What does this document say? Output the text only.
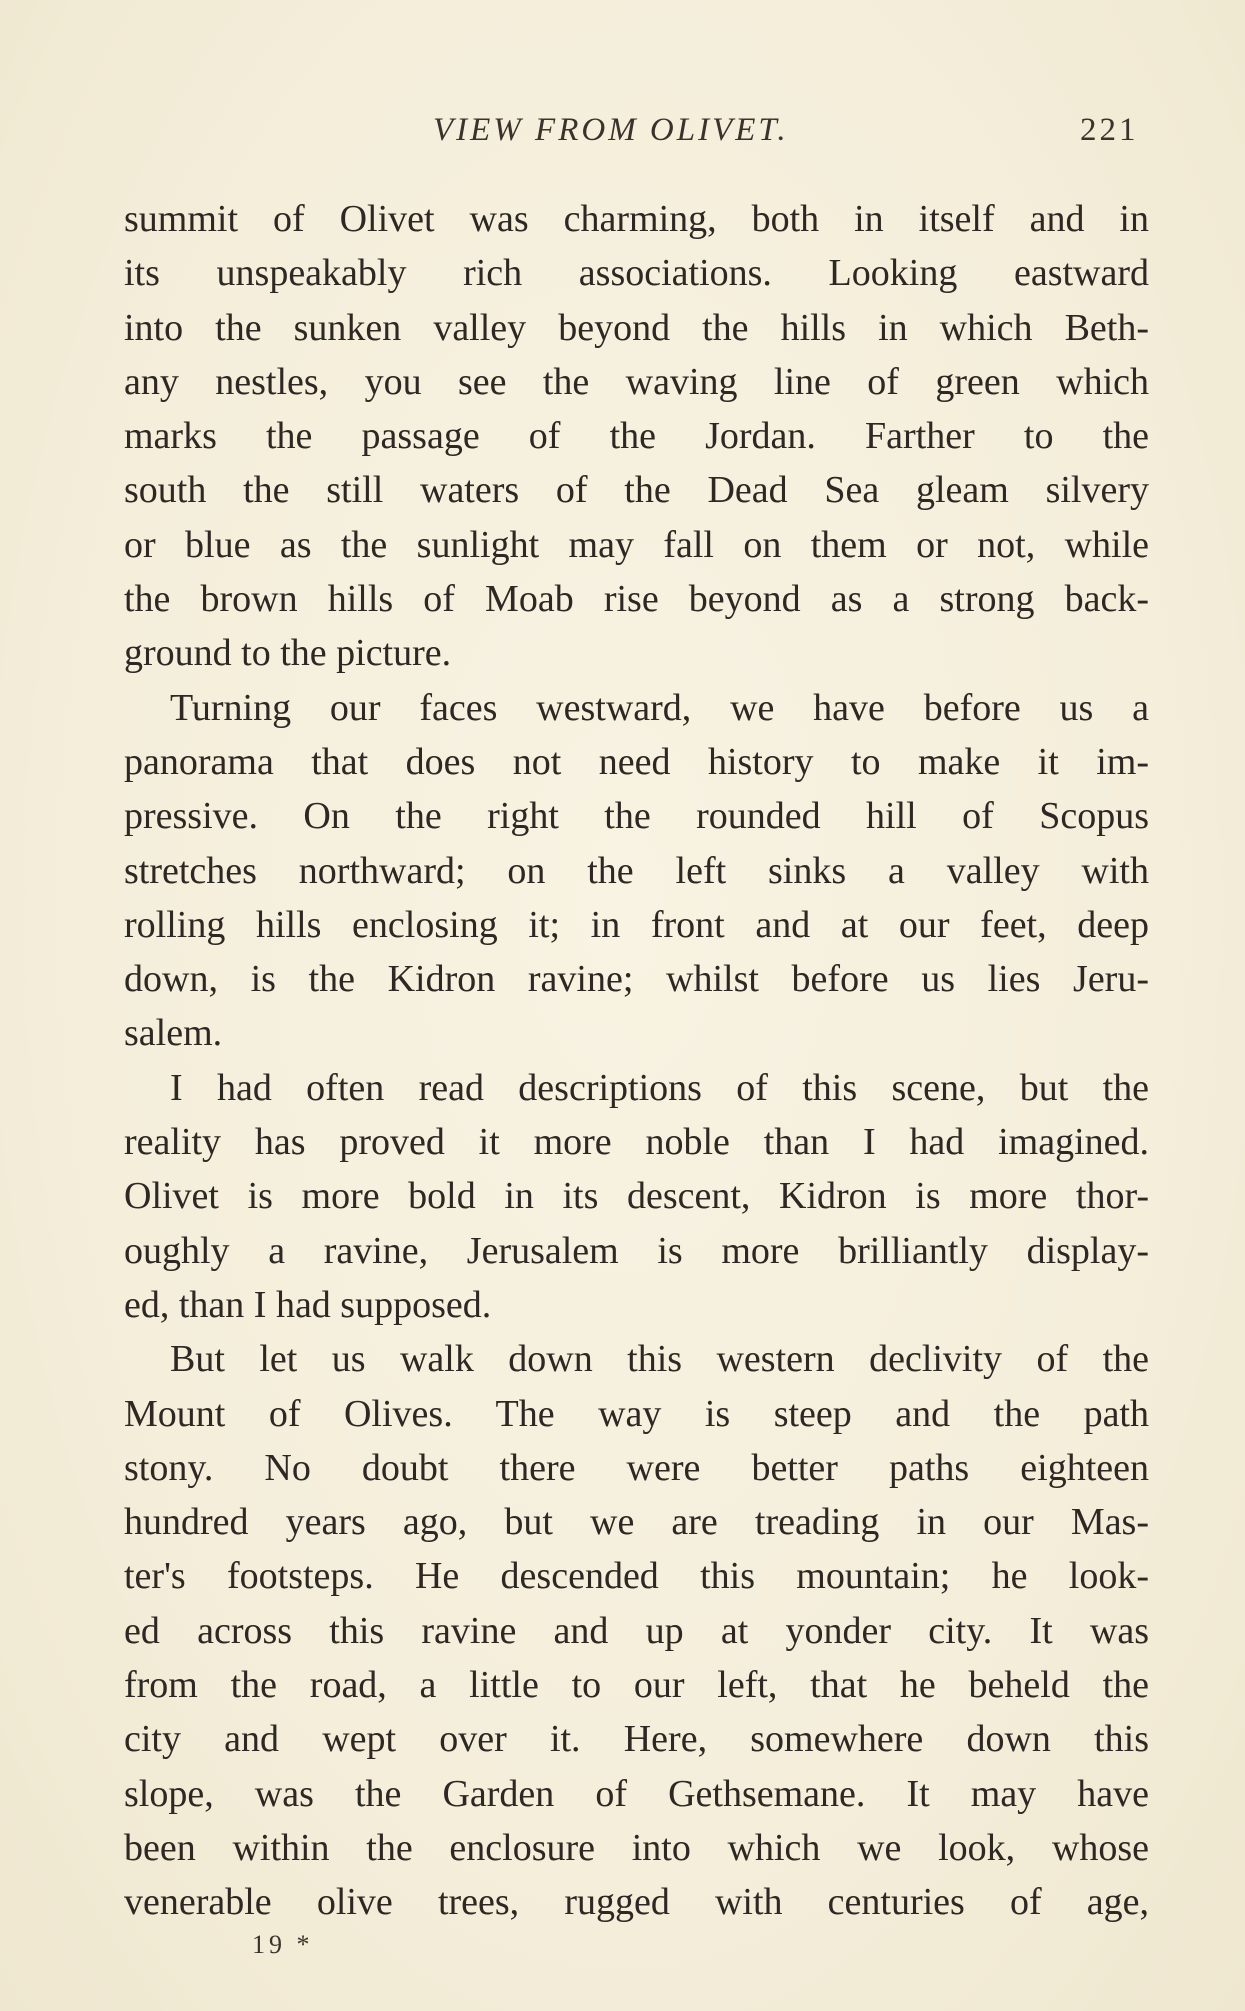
VIEW FROM OLIVET.	221
summit of Olivet was charming, both in itself and in
its unspeakably rich associations. Looking eastward
into the sunken valley beyond the hills in which Beth-
any nestles, you see the waving line of green which
marks the passage of the Jordan. Farther to the
south the still waters of the Dead Sea gleam silvery
or blue as the sunlight may fall on them or not, while
the brown hills of Moab rise beyond as a strong back-
ground to the picture.
Turning our faces westward, we have before us a
panorama that does not need history to make it im-
pressive. On the right the rounded hill of Scopus
stretches northward; on the left sinks a valley with
rolling hills enclosing it; in front and at our feet, deep
down, is the Kidron ravine; whilst before us lies Jeru-
salem.
I had often read descriptions of this scene, but the
reality has proved it more noble than I had imagined.
Olivet is more bold in its descent, Kidron is more thor-
oughly a ravine, Jerusalem is more brilliantly display-
ed, than I had supposed.
But let us walk down this western declivity of the
Mount of Olives. The way is steep and the path
stony. No doubt there were better paths eighteen
hundred years ago, but we are treading in our Mas-
ter's footsteps. He descended this mountain; he look-
ed across this ravine and up at yonder city. It was
from the road, a little to our left, that he beheld the
city and wept over it. Here, somewhere down this
slope, was the Garden of Gethsemane. It may have
been within the enclosure into which we look, whose
venerable olive trees, rugged with centuries of age,
19 *
